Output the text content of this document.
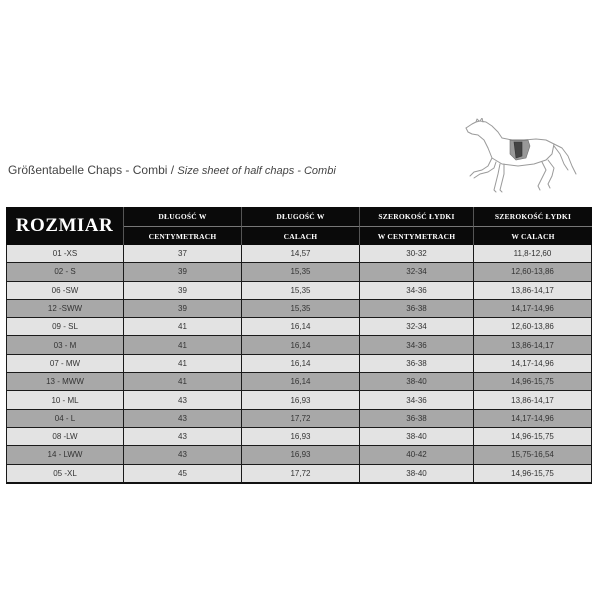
Größentabelle Chaps - Combi / Size sheet of half chaps - Combi
ROZMIAR	DŁUGOŚĆ W	DŁUGOŚĆ W	SZEROKOŚĆ ŁYDKI	SZEROKOŚĆ ŁYDKI
	CENTYMETRACH	CALACH	W CENTYMETRACH	W CALACH
01 -XS	37	14,57	30-32	11,8-12,60
02 - S	39	15,35	32-34	12,60-13,86
06 -SW	39	15,35	34-36	13,86-14,17
12 -SWW	39	15,35	36-38	14,17-14,96
09 - SL	41	16,14	32-34	12,60-13,86
03 - M	41	16,14	34-36	13,86-14,17
07 - MW	41	16,14	36-38	14,17-14,96
13 - MWW	41	16,14	38-40	14,96-15,75
10 - ML	43	16,93	34-36	13,86-14,17
04 - L	43	17,72	36-38	14,17-14,96
08 -LW	43	16,93	38-40	14,96-15,75
14 - LWW	43	16,93	40-42	15,75-16,54
05 -XL	45	17,72	38-40	14,96-15,75
